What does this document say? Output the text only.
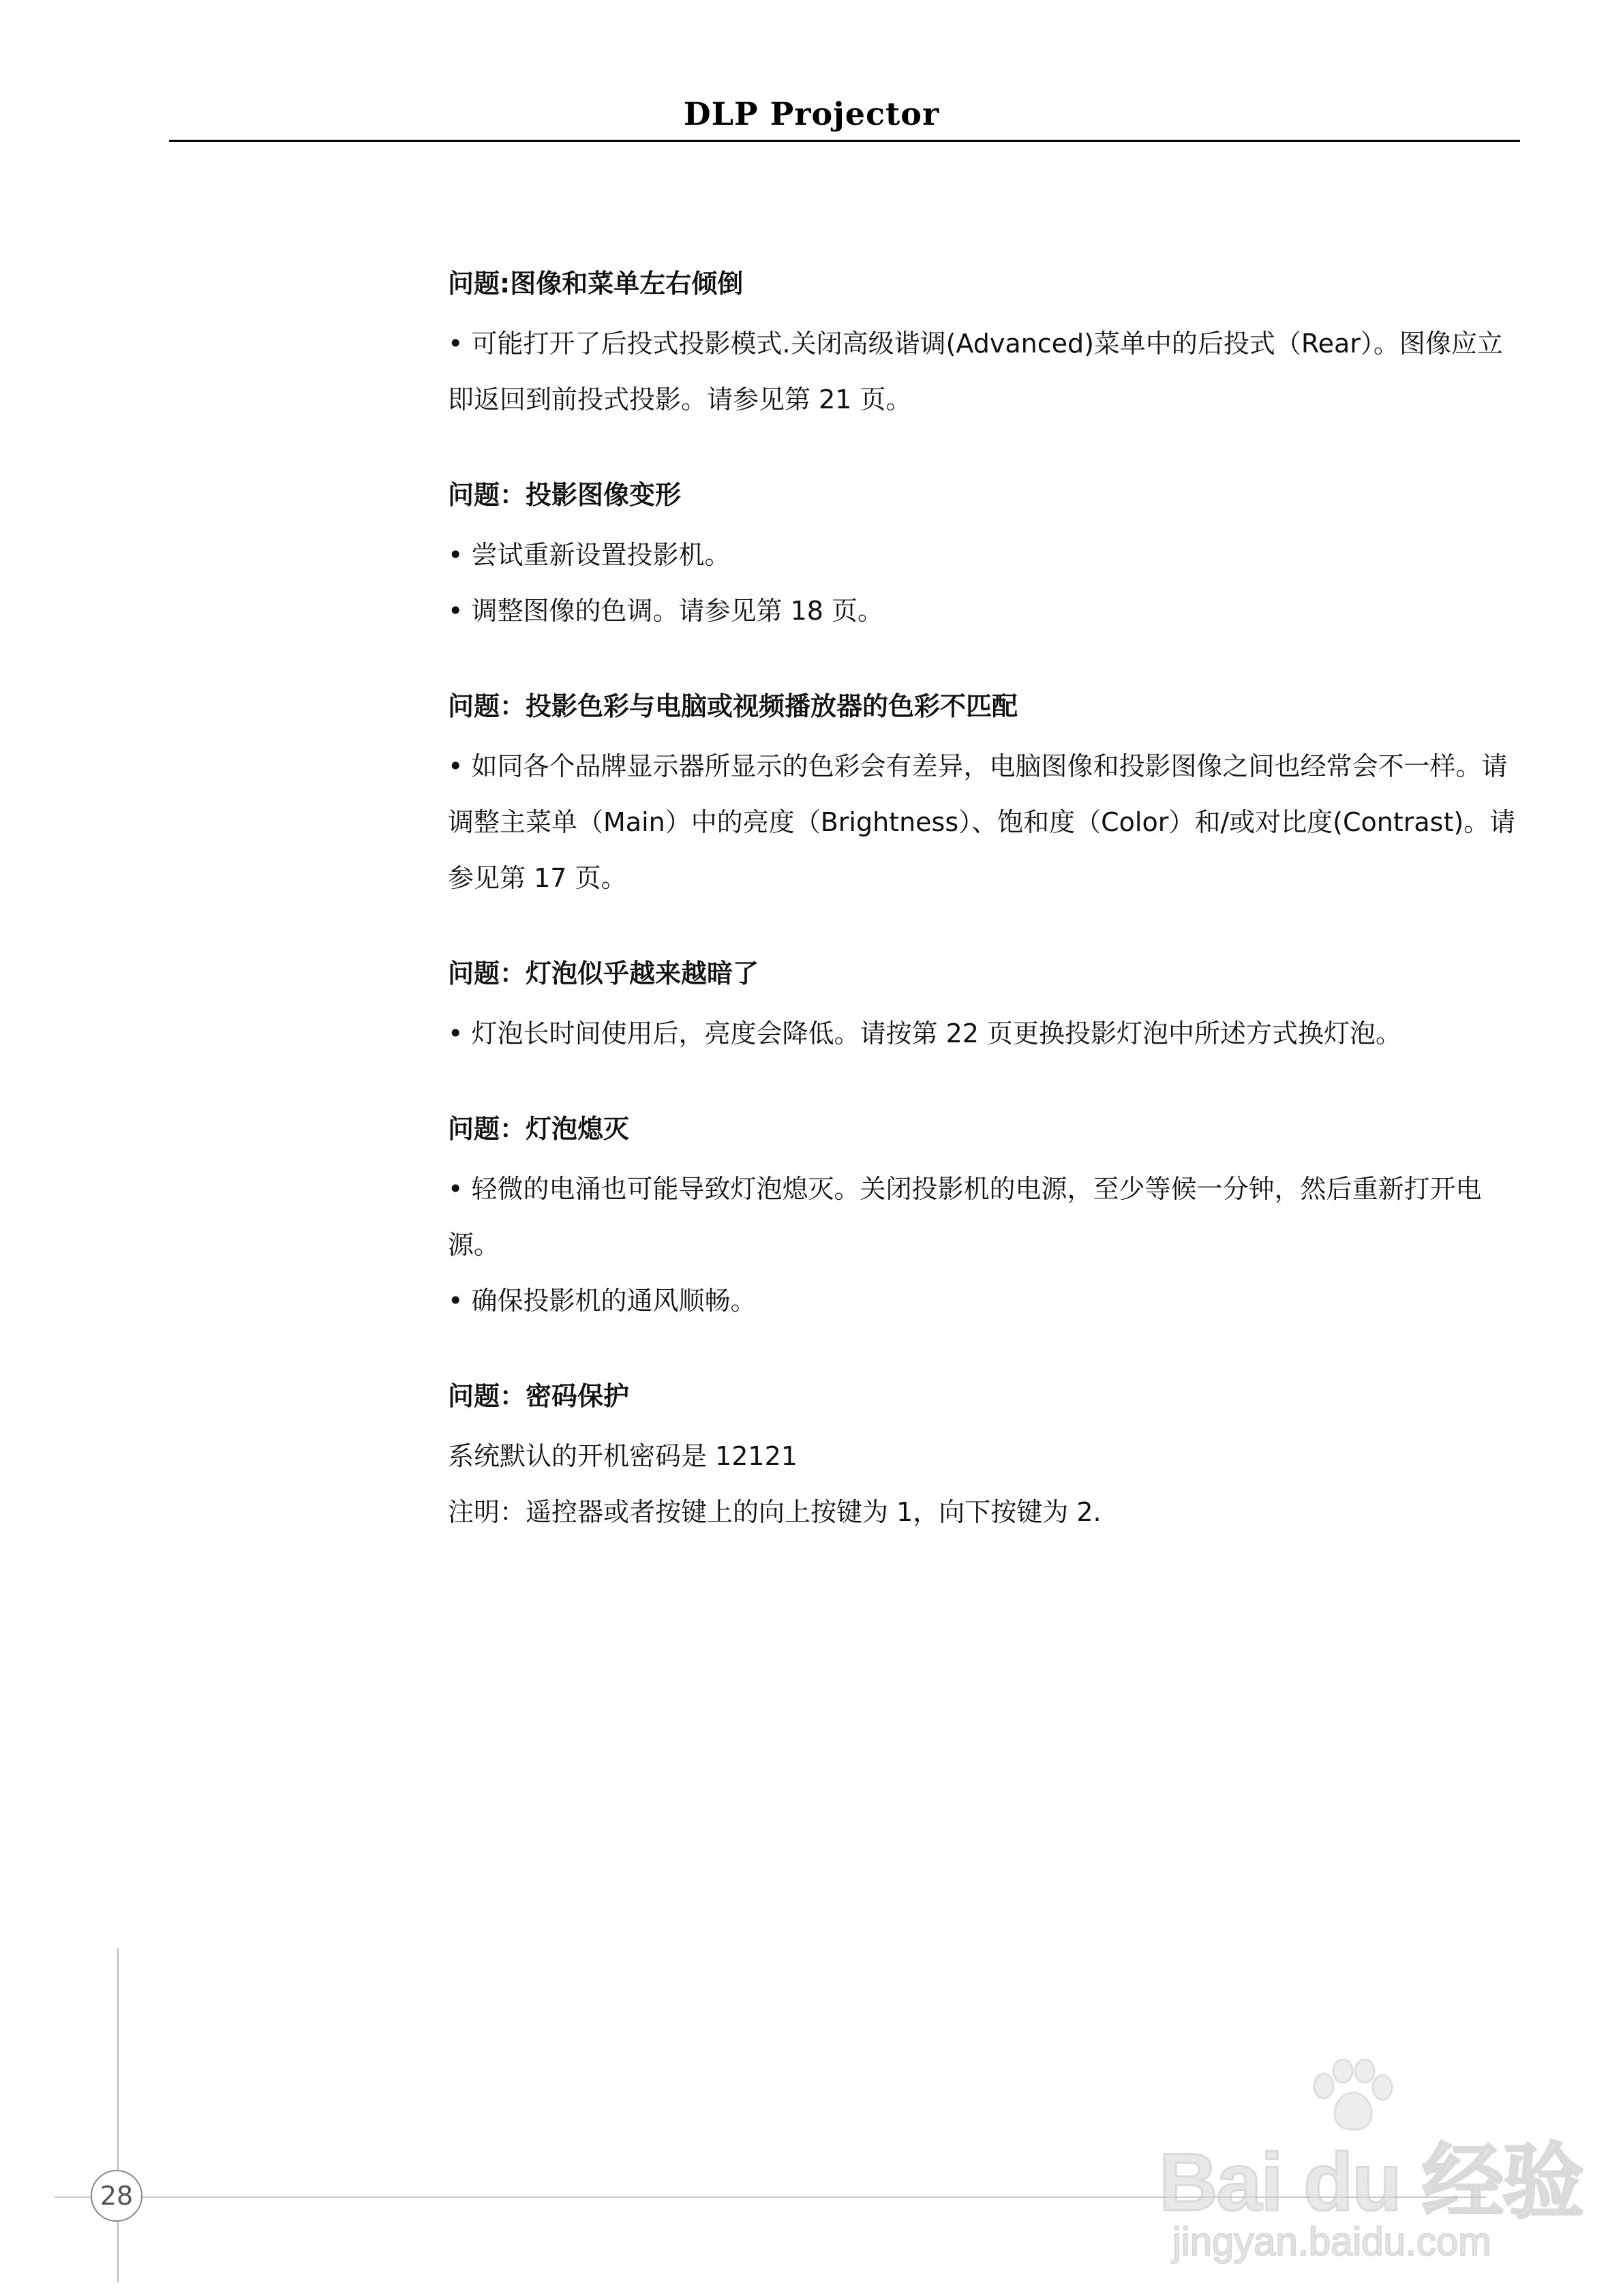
DLP Projector
问题:图像和菜单左右倾倒

• 可能打开了后投式投影模式.关闭高级谐调(Advanced)菜单中的后投式（Rear）。图像应立即返回到前投式投影。请参见第 21 页。

问题：投影图像变形

• 尝试重新设置投影机。

• 调整图像的色调。请参见第 18 页。

问题：投影色彩与电脑或视频播放器的色彩不匹配

• 如同各个品牌显示器所显示的色彩会有差异，电脑图像和投影图像之间也经常会不一样。请调整主菜单（Main）中的亮度（Brightness）、饱和度（Color）和/或对比度(Contrast)。请参见第 17 页。

问题：灯泡似乎越来越暗了

• 灯泡长时间使用后，亮度会降低。请按第 22 页更换投影灯泡中所述方式换灯泡。

问题：灯泡熄灭

• 轻微的电涌也可能导致灯泡熄灭。关闭投影机的电源，至少等候一分钟，然后重新打开电源。

• 确保投影机的通风顺畅。

问题：密码保护

系统默认的开机密码是 12121

注明：遥控器或者按键上的向上按键为 1，向下按键为 2.

28	Bai du 经验
jingyan.baidu.com
